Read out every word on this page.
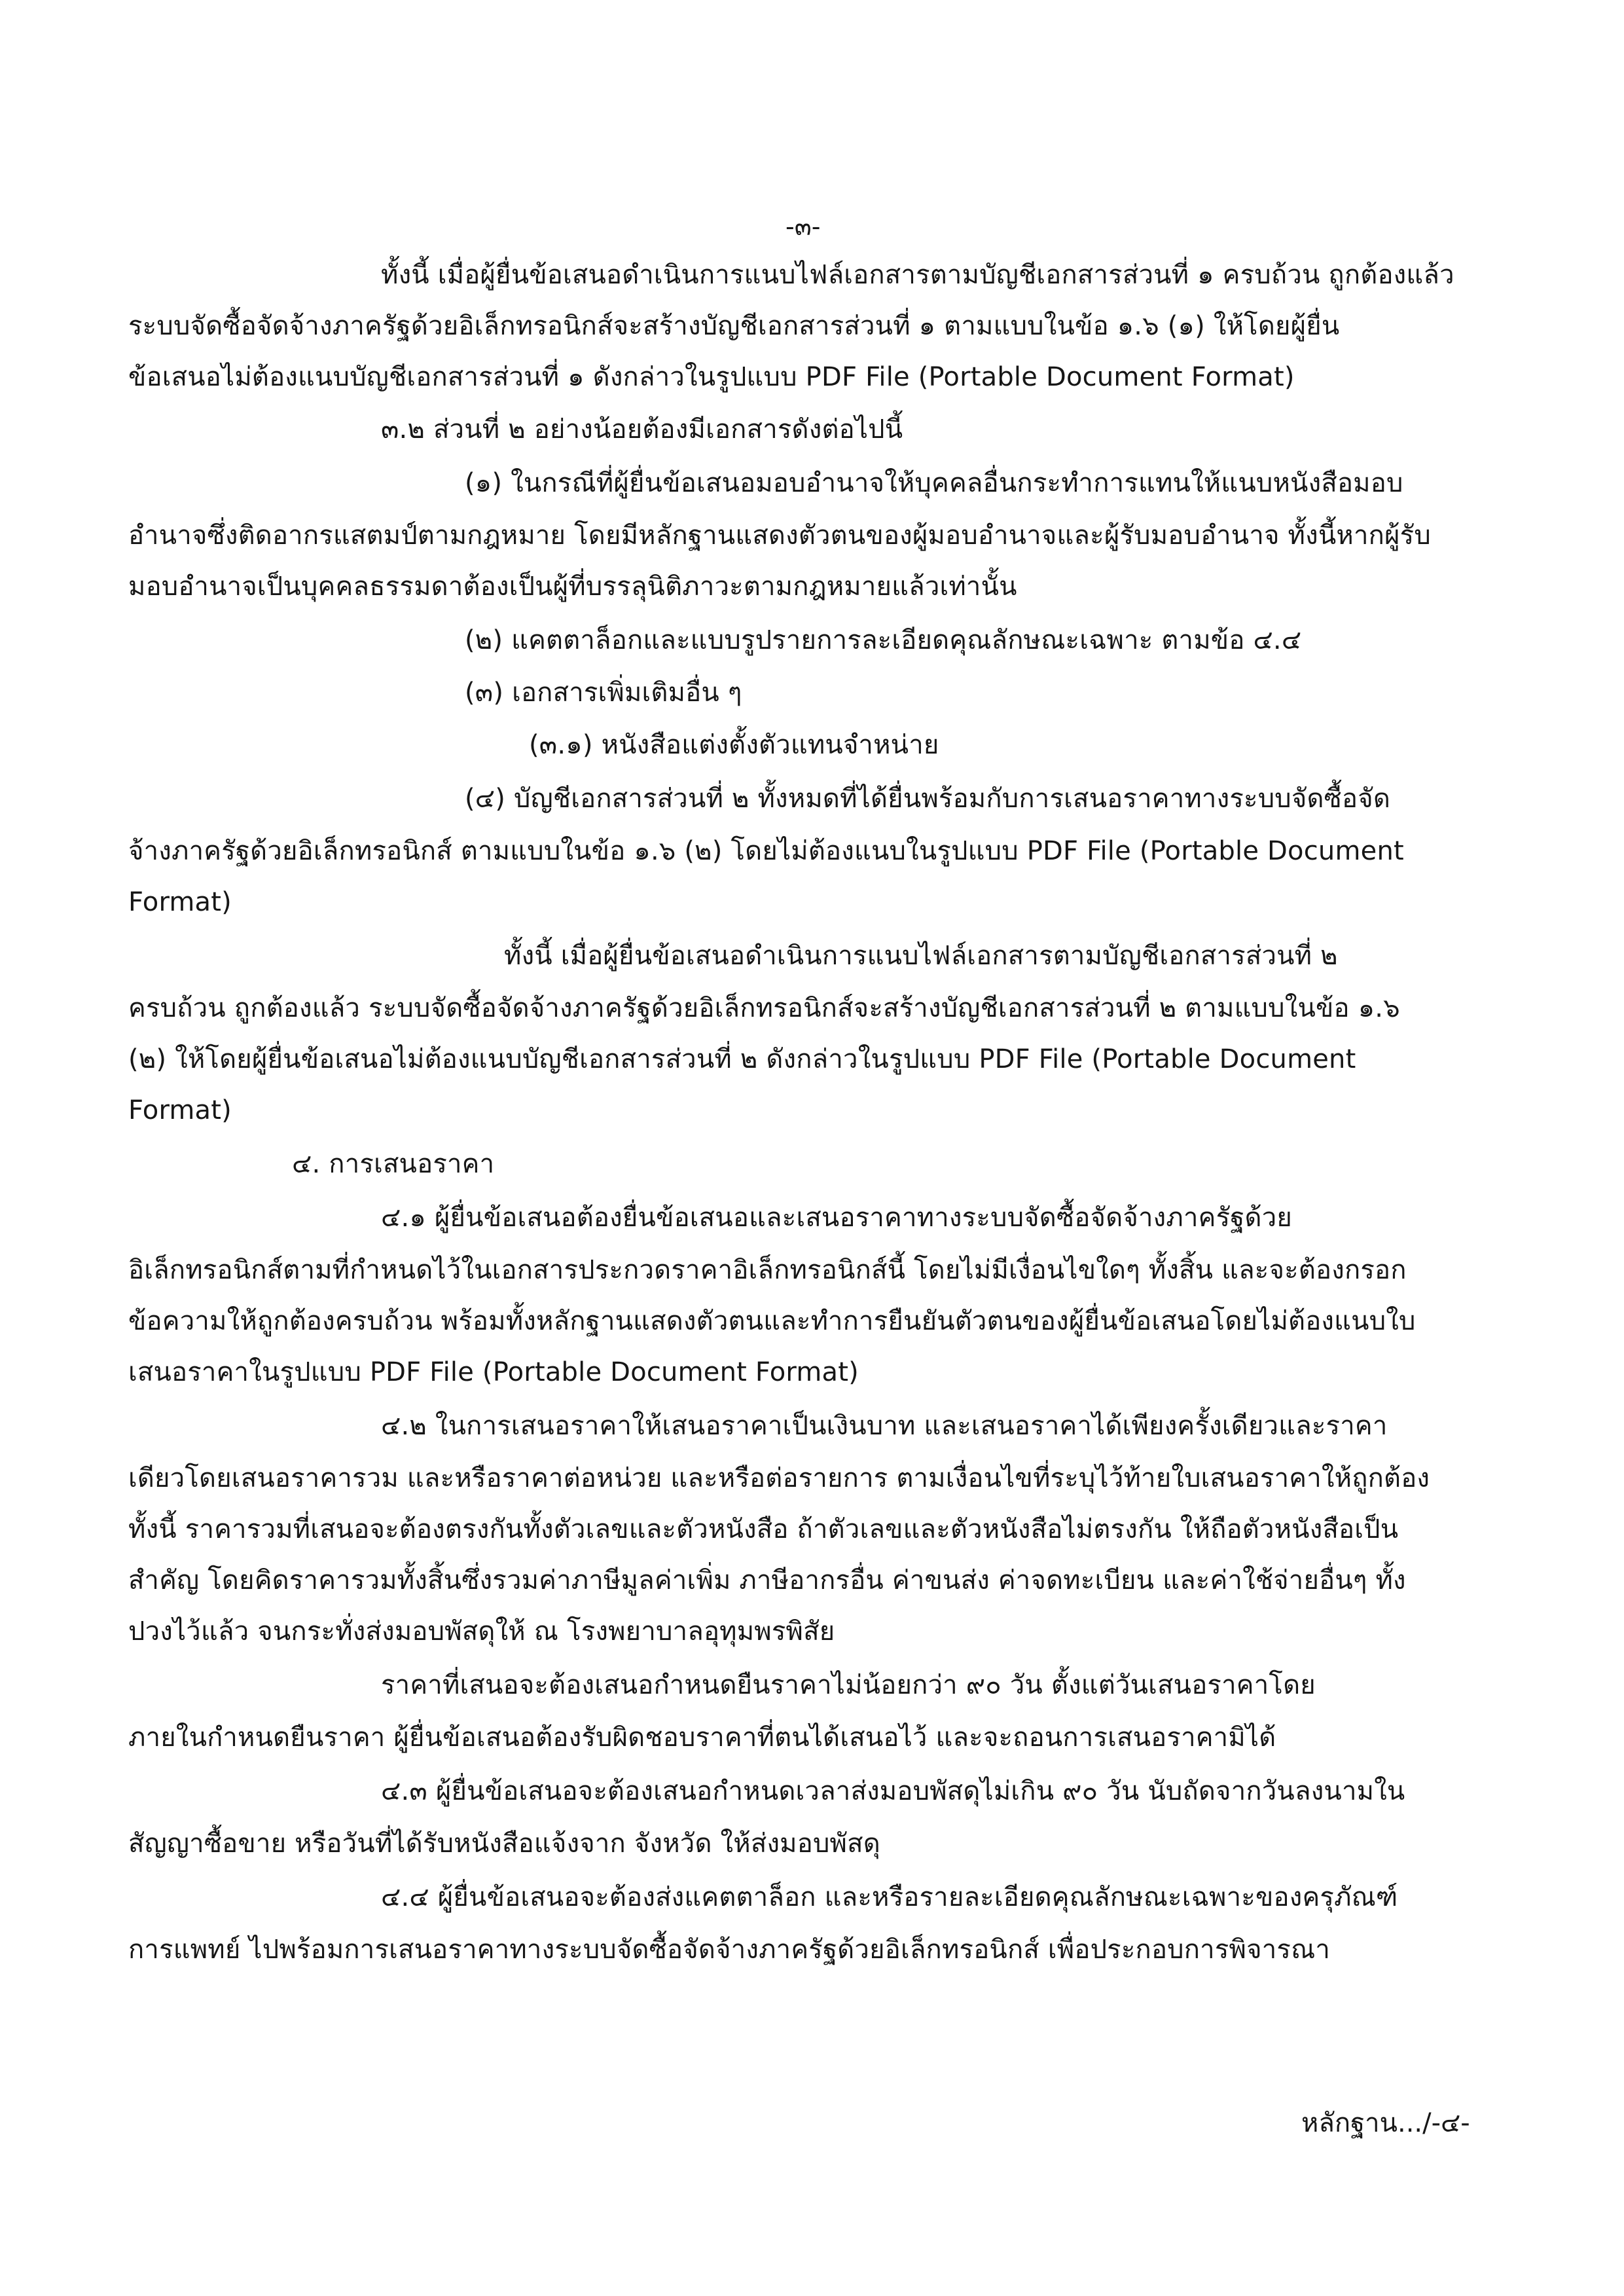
-๓-
ทั้งนี้ เมื่อผู้ยื่นข้อเสนอดำเนินการแนบไฟล์เอกสารตามบัญชีเอกสารส่วนที่ ๑ ครบถ้วน ถูกต้องแล้ว
ระบบจัดซื้อจัดจ้างภาครัฐด้วยอิเล็กทรอนิกส์จะสร้างบัญชีเอกสารส่วนที่ ๑ ตามแบบในข้อ ๑.๖ (๑) ให้โดยผู้ยื่น
ข้อเสนอไม่ต้องแนบบัญชีเอกสารส่วนที่ ๑ ดังกล่าวในรูปแบบ PDF File (Portable Document Format)
๓.๒ ส่วนที่ ๒ อย่างน้อยต้องมีเอกสารดังต่อไปนี้
(๑) ในกรณีที่ผู้ยื่นข้อเสนอมอบอำนาจให้บุคคลอื่นกระทำการแทนให้แนบหนังสือมอบ
อำนาจซึ่งติดอากรแสตมป์ตามกฎหมาย โดยมีหลักฐานแสดงตัวตนของผู้มอบอำนาจและผู้รับมอบอำนาจ ทั้งนี้หากผู้รับ
มอบอำนาจเป็นบุคคลธรรมดาต้องเป็นผู้ที่บรรลุนิติภาวะตามกฎหมายแล้วเท่านั้น
(๒) แคตตาล็อกและแบบรูปรายการละเอียดคุณลักษณะเฉพาะ ตามข้อ ๔.๔
(๓) เอกสารเพิ่มเติมอื่น ๆ
(๓.๑) หนังสือแต่งตั้งตัวแทนจำหน่าย
(๔) บัญชีเอกสารส่วนที่ ๒ ทั้งหมดที่ได้ยื่นพร้อมกับการเสนอราคาทางระบบจัดซื้อจัด
จ้างภาครัฐด้วยอิเล็กทรอนิกส์ ตามแบบในข้อ ๑.๖ (๒) โดยไม่ต้องแนบในรูปแบบ PDF File (Portable Document
Format)
ทั้งนี้ เมื่อผู้ยื่นข้อเสนอดำเนินการแนบไฟล์เอกสารตามบัญชีเอกสารส่วนที่ ๒
ครบถ้วน ถูกต้องแล้ว ระบบจัดซื้อจัดจ้างภาครัฐด้วยอิเล็กทรอนิกส์จะสร้างบัญชีเอกสารส่วนที่ ๒ ตามแบบในข้อ ๑.๖
(๒) ให้โดยผู้ยื่นข้อเสนอไม่ต้องแนบบัญชีเอกสารส่วนที่ ๒ ดังกล่าวในรูปแบบ PDF File (Portable Document
Format)
๔. การเสนอราคา
๔.๑ ผู้ยื่นข้อเสนอต้องยื่นข้อเสนอและเสนอราคาทางระบบจัดซื้อจัดจ้างภาครัฐด้วย
อิเล็กทรอนิกส์ตามที่กำหนดไว้ในเอกสารประกวดราคาอิเล็กทรอนิกส์นี้ โดยไม่มีเงื่อนไขใดๆ ทั้งสิ้น และจะต้องกรอก
ข้อความให้ถูกต้องครบถ้วน พร้อมทั้งหลักฐานแสดงตัวตนและทำการยืนยันตัวตนของผู้ยื่นข้อเสนอโดยไม่ต้องแนบใบ
เสนอราคาในรูปแบบ PDF File (Portable Document Format)
๔.๒ ในการเสนอราคาให้เสนอราคาเป็นเงินบาท และเสนอราคาได้เพียงครั้งเดียวและราคา
เดียวโดยเสนอราคารวม และหรือราคาต่อหน่วย และหรือต่อรายการ ตามเงื่อนไขที่ระบุไว้ท้ายใบเสนอราคาให้ถูกต้อง
ทั้งนี้ ราคารวมที่เสนอจะต้องตรงกันทั้งตัวเลขและตัวหนังสือ ถ้าตัวเลขและตัวหนังสือไม่ตรงกัน ให้ถือตัวหนังสือเป็น
สำคัญ โดยคิดราคารวมทั้งสิ้นซึ่งรวมค่าภาษีมูลค่าเพิ่ม ภาษีอากรอื่น ค่าขนส่ง ค่าจดทะเบียน และค่าใช้จ่ายอื่นๆ ทั้ง
ปวงไว้แล้ว จนกระทั่งส่งมอบพัสดุให้ ณ โรงพยาบาลอุทุมพรพิสัย
ราคาที่เสนอจะต้องเสนอกำหนดยืนราคาไม่น้อยกว่า ๙๐ วัน ตั้งแต่วันเสนอราคาโดย
ภายในกำหนดยืนราคา ผู้ยื่นข้อเสนอต้องรับผิดชอบราคาที่ตนได้เสนอไว้ และจะถอนการเสนอราคามิได้
๔.๓ ผู้ยื่นข้อเสนอจะต้องเสนอกำหนดเวลาส่งมอบพัสดุไม่เกิน ๙๐ วัน นับถัดจากวันลงนามใน
สัญญาซื้อขาย หรือวันที่ได้รับหนังสือแจ้งจาก จังหวัด ให้ส่งมอบพัสดุ
๔.๔ ผู้ยื่นข้อเสนอจะต้องส่งแคตตาล็อก และหรือรายละเอียดคุณลักษณะเฉพาะของครุภัณฑ์
การแพทย์ ไปพร้อมการเสนอราคาทางระบบจัดซื้อจัดจ้างภาครัฐด้วยอิเล็กทรอนิกส์ เพื่อประกอบการพิจารณา
หลักฐาน.../-๔-
